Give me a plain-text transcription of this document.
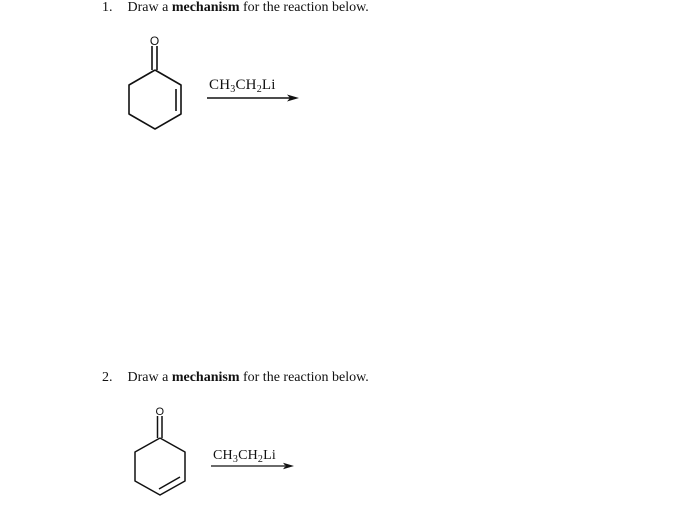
1. Draw a mechanism for the reaction below.
O
$CH_3CH_2Li$
2. Draw a mechanism for the reaction below.
O
$CH_3CH_2Li$
